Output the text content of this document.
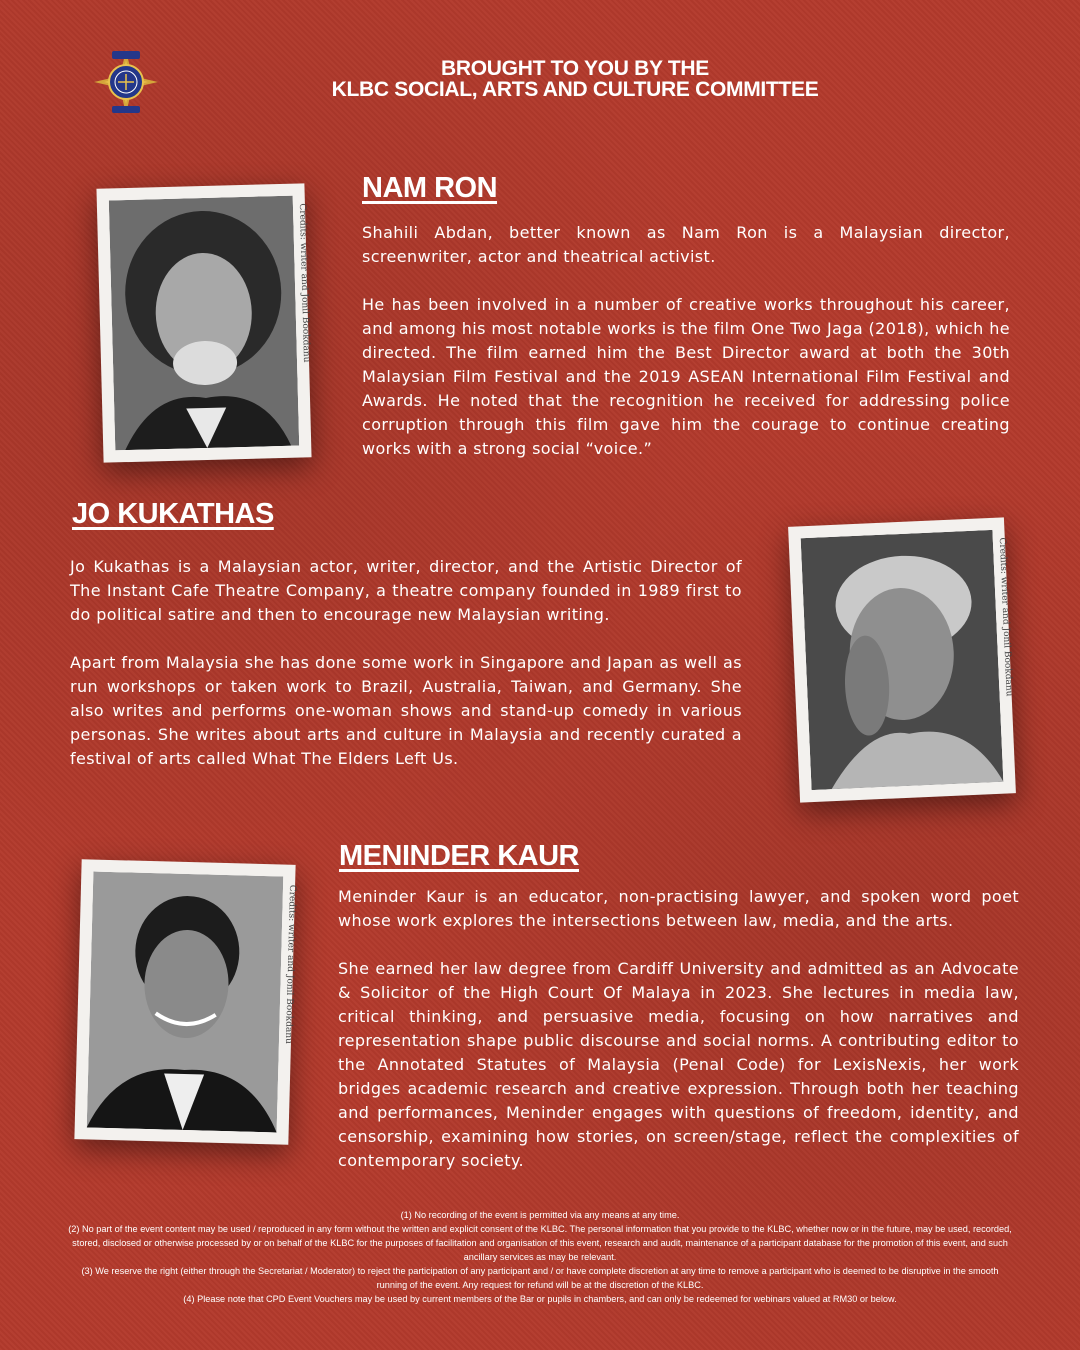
BROUGHT TO YOU BY THE
KLBC SOCIAL, ARTS AND CULTURE COMMITTEE
Credits: writer and Jonil Bookdanu
NAM RON

Shahili Abdan, better known as Nam Ron is a Malaysian director, screenwriter, actor and theatrical activist.

He has been involved in a number of creative works throughout his career, and among his most notable works is the film One Two Jaga (2018), which he directed. The film earned him the Best Director award at both the 30th Malaysian Film Festival and the 2019 ASEAN International Film Festival and Awards. He noted that the recognition he received for addressing police corruption through this film gave him the courage to continue creating works with a strong social “voice.”

JO KUKATHAS

Jo Kukathas is a Malaysian actor, writer, director, and the Artistic Director of The Instant Cafe Theatre Company, a theatre company founded in 1989 first to do political satire and then to encourage new Malaysian writing.

Apart from Malaysia she has done some work in Singapore and Japan as well as run workshops or taken work to Brazil, Australia, Taiwan, and Germany. She also writes and performs one-woman shows and stand-up comedy in various personas. She writes about arts and culture in Malaysia and recently curated a festival of arts called What The Elders Left Us.

Credits: writer and Jonil Bookdanu
Credits: writer and Jonil Bookdanu
MENINDER KAUR

Meninder Kaur is an educator, non-practising lawyer, and spoken word poet whose work explores the intersections between law, media, and the arts.

She earned her law degree from Cardiff University and admitted as an Advocate & Solicitor of the High Court Of Malaya in 2023. She lectures in media law, critical thinking, and persuasive media, focusing on how narratives and representation shape public discourse and social norms. A contributing editor to the Annotated Statutes of Malaysia (Penal Code) for LexisNexis, her work bridges academic research and creative expression. Through both her teaching and performances, Meninder engages with questions of freedom, identity, and censorship, examining how stories, on screen/stage, reflect the complexities of contemporary society.

(1) No recording of the event is permitted via any means at any time.
(2) No part of the event content may be used / reproduced in any form without the written and explicit consent of the KLBC. The personal information that you provide to the KLBC, whether now or in the future, may be used, recorded, stored, disclosed or otherwise processed by or on behalf of the KLBC for the purposes of facilitation and organisation of this event, research and audit, maintenance of a participant database for the promotion of this event, and such ancillary services as may be relevant.
(3) We reserve the right (either through the Secretariat / Moderator) to reject the participation of any participant and / or have complete discretion at any time to remove a participant who is deemed to be disruptive in the smooth running of the event. Any request for refund will be at the discretion of the KLBC.
(4) Please note that CPD Event Vouchers may be used by current members of the Bar or pupils in chambers, and can only be redeemed for webinars valued at RM30 or below.
